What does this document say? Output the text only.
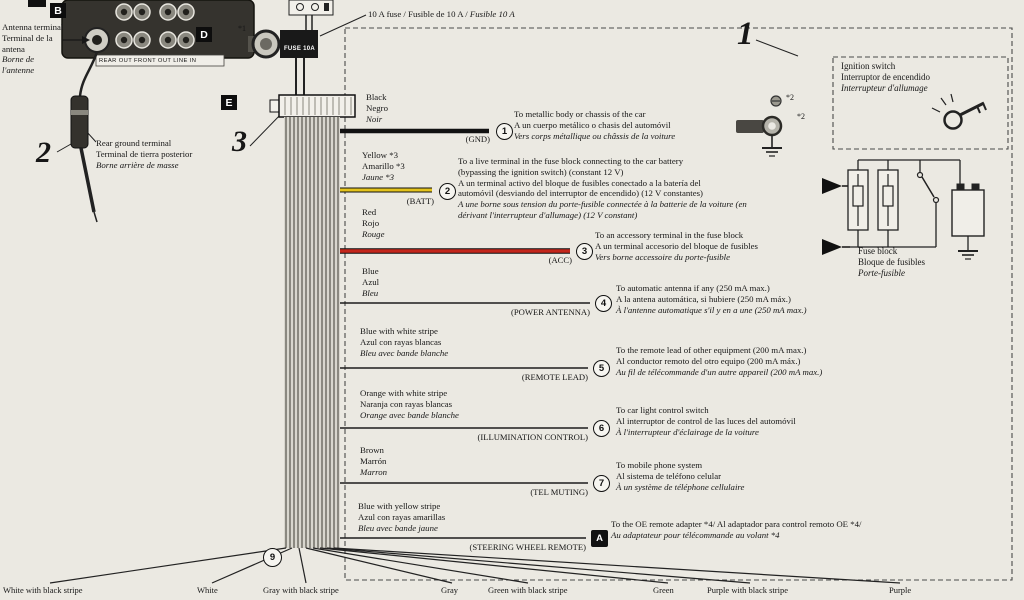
B
D
E
Antenna terminal
Terminal de la antena
Borne de l'antenne
Rear ground terminal
Terminal de tierra posterior
Borne arrière de masse
REAR OUT FRONT OUT LINE IN
2	3
1
10 A fuse / Fusible de 10 A / Fusible 10 A
FUSE 10A
*1
*2
*2
Black
Negro
Noir
(GND)
1
To metallic body or chassis of the car
A un cuerpo metálico o chasis del automóvil
Vers corps métallique ou châssis de la voiture
Yellow *3
Amarillo *3
Jaune *3
(BATT)
2
To a live terminal in the fuse block connecting to the car battery
(bypassing the ignition switch) (constant 12 V)
A un terminal activo del bloque de fusibles conectado a la batería del
automóvil (desviando del interruptor de encendido) (12 V constantes)
A une borne sous tension du porte-fusible connectée à la batterie de la voiture (en
dérivant l'interrupteur d'allumage) (12 V constant)
Red
Rojo
Rouge
(ACC)
3
To an accessory terminal in the fuse block
A un terminal accesorio del bloque de fusibles
Vers borne accessoire du porte-fusible
Blue
Azul
Bleu
(POWER ANTENNA)
4
To automatic antenna if any (250 mA max.)
A la antena automática, si hubiere (250 mA máx.)
À l'antenne automatique s'il y en a une (250 mA max.)
Blue with white stripe
Azul con rayas blancas
Bleu avec bande blanche
(REMOTE LEAD)
5
To the remote lead of other equipment (200 mA max.)
Al conductor remoto del otro equipo (200 mA máx.)
Au fil de télécommande d'un autre appareil (200 mA max.)
Orange with white stripe
Naranja con rayas blancas
Orange avec bande blanche
(ILLUMINATION CONTROL)
6
To car light control switch
Al interruptor de control de las luces del automóvil
À l'interrupteur d'éclairage de la voiture
Brown
Marrón
Marron
(TEL MUTING)
7
To mobile phone system
Al sistema de teléfono celular
À un système de téléphone cellulaire
Blue with yellow stripe
Azul con rayas amarillas
Bleu avec bande jaune
(STEERING WHEEL REMOTE)
A
To the OE remote adapter *4/ Al adaptador para control remoto OE *4/
Au adaptateur pour télécommande au volant *4
Ignition switch
Interruptor de encendido
Interrupteur d'allumage
Fuse block
Bloque de fusibles
Porte-fusible
9
White with black stripe	White	Gray with black stripe	Gray	Green with black stripe	Green	Purple with black stripe	Purple
